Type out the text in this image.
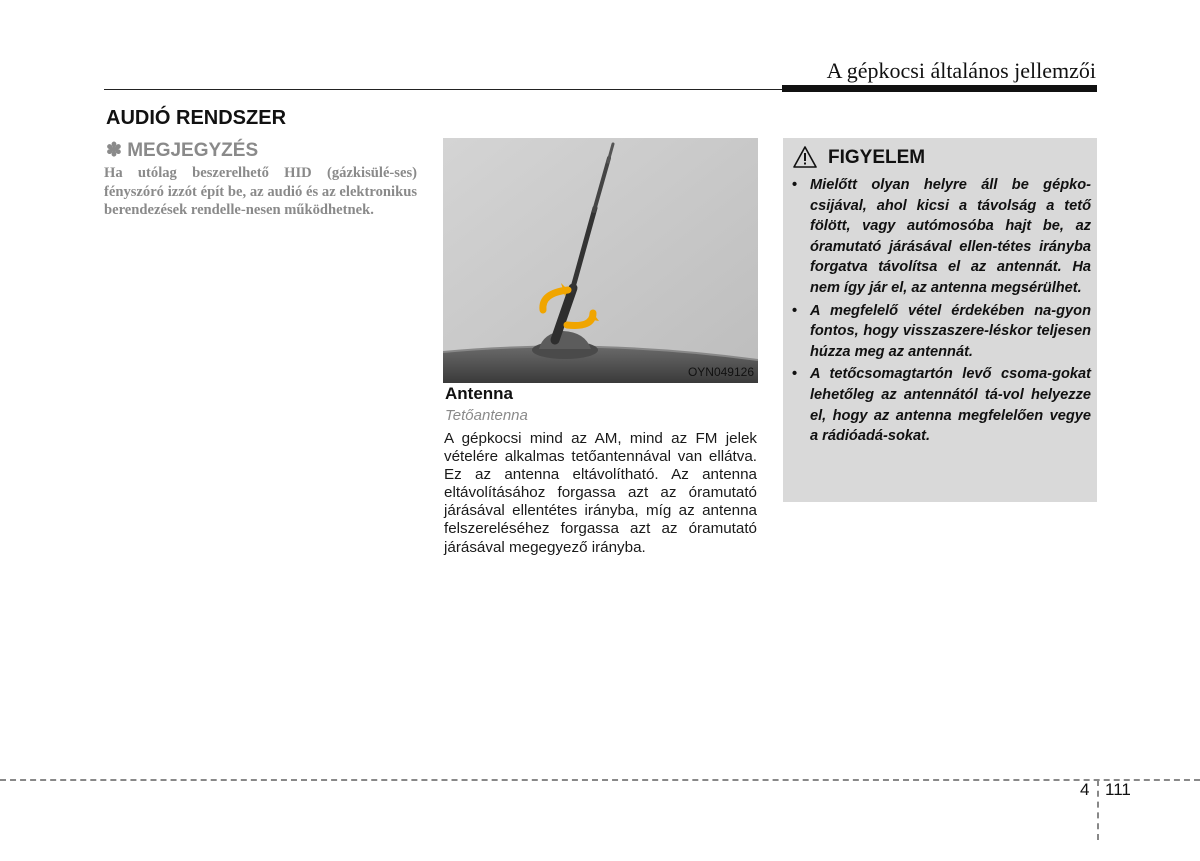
A gépkocsi általános jellemzői
AUDIÓ RENDSZER
✽ MEGJEGYZÉS
Ha utólag beszerelhető HID (gázkisülé-ses) fényszóró izzót épít be, az audió és az elektronikus berendezések rendelle-nesen működhetnek.
OYN049126
Antenna
Tetőantenna
A gépkocsi mind az AM, mind az FM jelek vételére alkalmas tetőantennával van ellátva. Ez az antenna eltávolítható. Az antenna eltávolításához forgassa azt az óramutató járásával ellentétes irányba, míg az antenna felszereléséhez forgassa azt az óramutató járásával megegyező irányba.
FIGYELEM
• Mielőtt olyan helyre áll be gépko-csijával, ahol kicsi a távolság a tető fölött, vagy autómosóba hajt be, az óramutató járásával ellen-tétes irányba forgatva távolítsa el az antennát. Ha nem így jár el, az antenna megsérülhet.
• A megfelelő vétel érdekében na-gyon fontos, hogy visszaszere-léskor teljesen húzza meg az antennát.
• A tetőcsomagtartón levő csoma-gokat lehetőleg az antennától tá-vol helyezze el, hogy az antenna megfelelően vegye a rádióadá-sokat.
4 111
